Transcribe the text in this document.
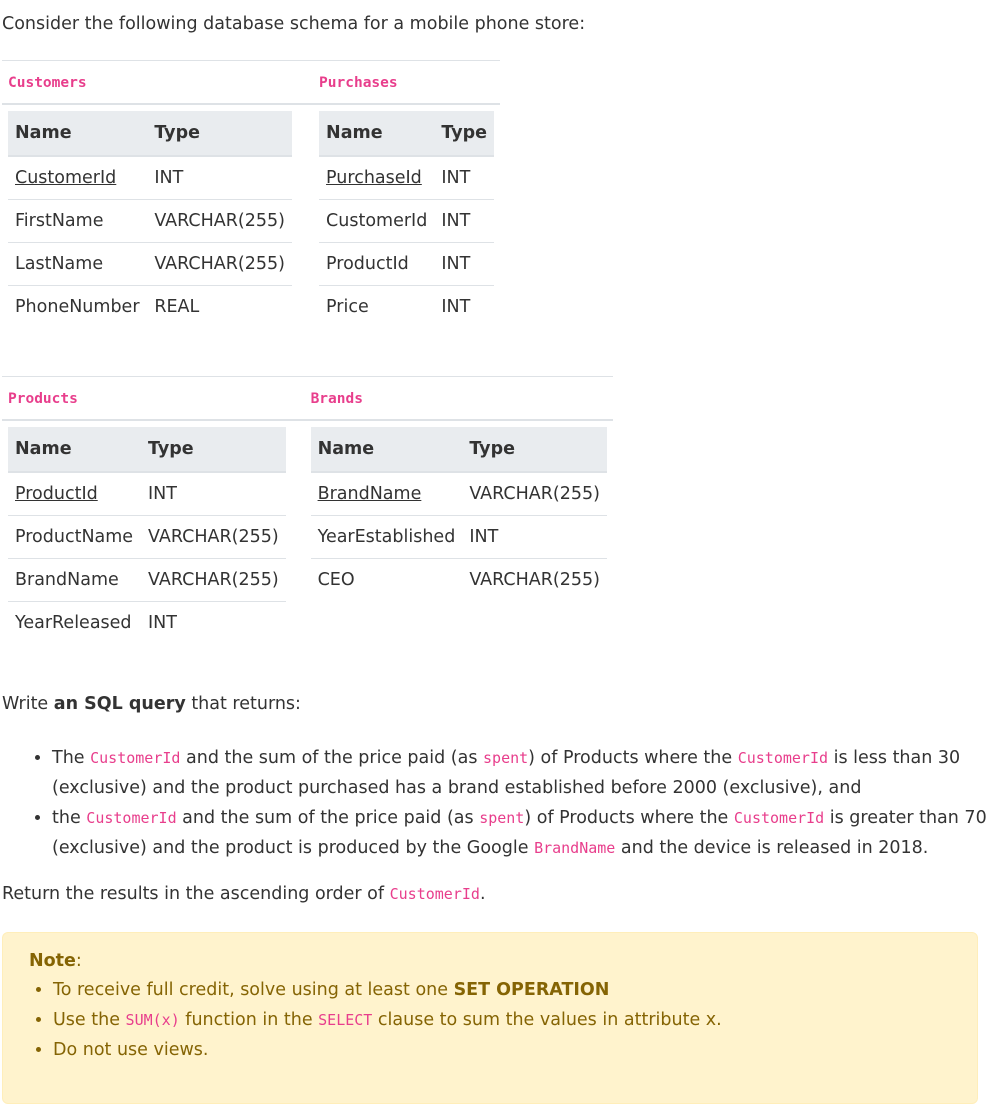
Consider the following database schema for a mobile phone store:

Customers	Purchases

Name	Type
CustomerId	INT
FirstName	VARCHAR(255)
LastName	VARCHAR(255)
PhoneNumber	REAL

Name	Type
PurchaseId	INT
CustomerId	INT
ProductId	INT
Price	INT
Products	Brands

Name	Type
ProductId	INT
ProductName	VARCHAR(255)
BrandName	VARCHAR(255)
YearReleased	INT

Name	Type
BrandName	VARCHAR(255)
YearEstablished	INT
CEO	VARCHAR(255)

Write an SQL query that returns:

• The CustomerId and the sum of the price paid (as spent) of Products where the CustomerId is less than 30 (exclusive) and the product purchased has a brand established before 2000 (exclusive), and
• the CustomerId and the sum of the price paid (as spent) of Products where the CustomerId is greater than 70 (exclusive) and the product is produced by the Google BrandName and the device is released in 2018.

Return the results in the ascending order of CustomerId.

Note:
• To receive full credit, solve using at least one SET OPERATION
• Use the SUM(x) function in the SELECT clause to sum the values in attribute x.
• Do not use views.
